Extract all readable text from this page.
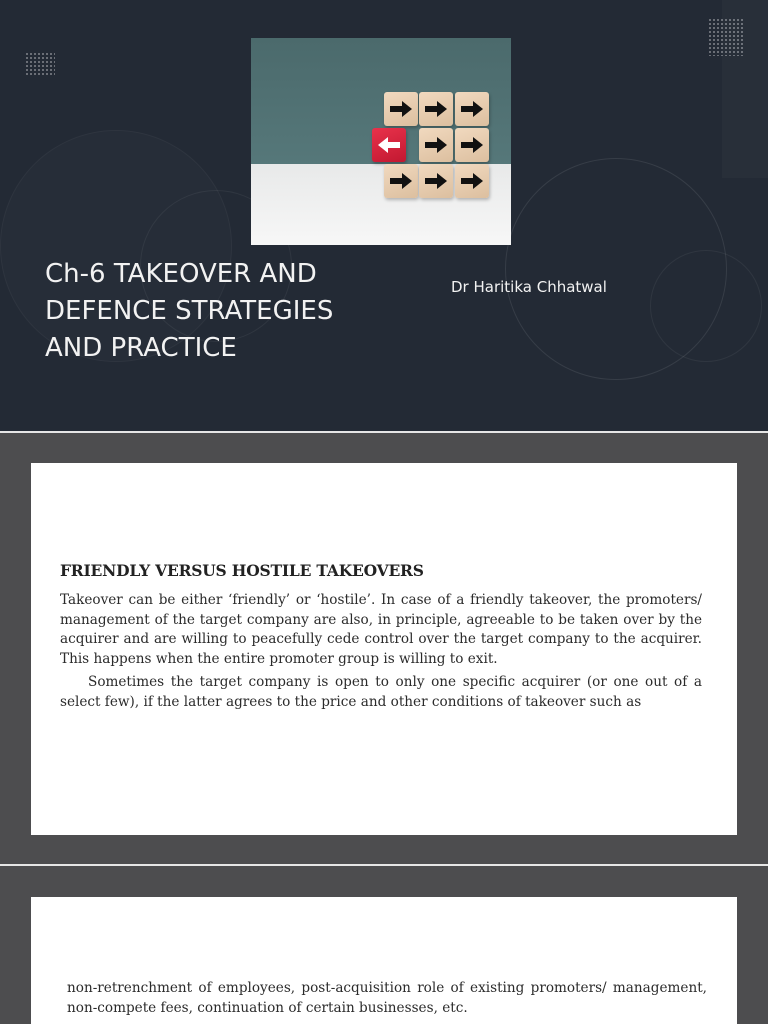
Ch-6 TAKEOVER AND DEFENCE STRATEGIES AND PRACTICE
Dr Haritika Chhatwal
FRIENDLY VERSUS HOSTILE TAKEOVERS

Takeover can be either ‘friendly’ or ‘hostile’. In case of a friendly takeover, the promoters/ management of the target company are also, in principle, agreeable to be taken over by the acquirer and are willing to peacefully cede control over the target company to the acquirer. This happens when the entire promoter group is willing to exit.

Sometimes the target company is open to only one specific acquirer (or one out of a select few), if the latter agrees to the price and other conditions of takeover such as

non-retrenchment of employees, post-acquisition role of existing promoters/ management, non-compete fees, continuation of certain businesses, etc.
